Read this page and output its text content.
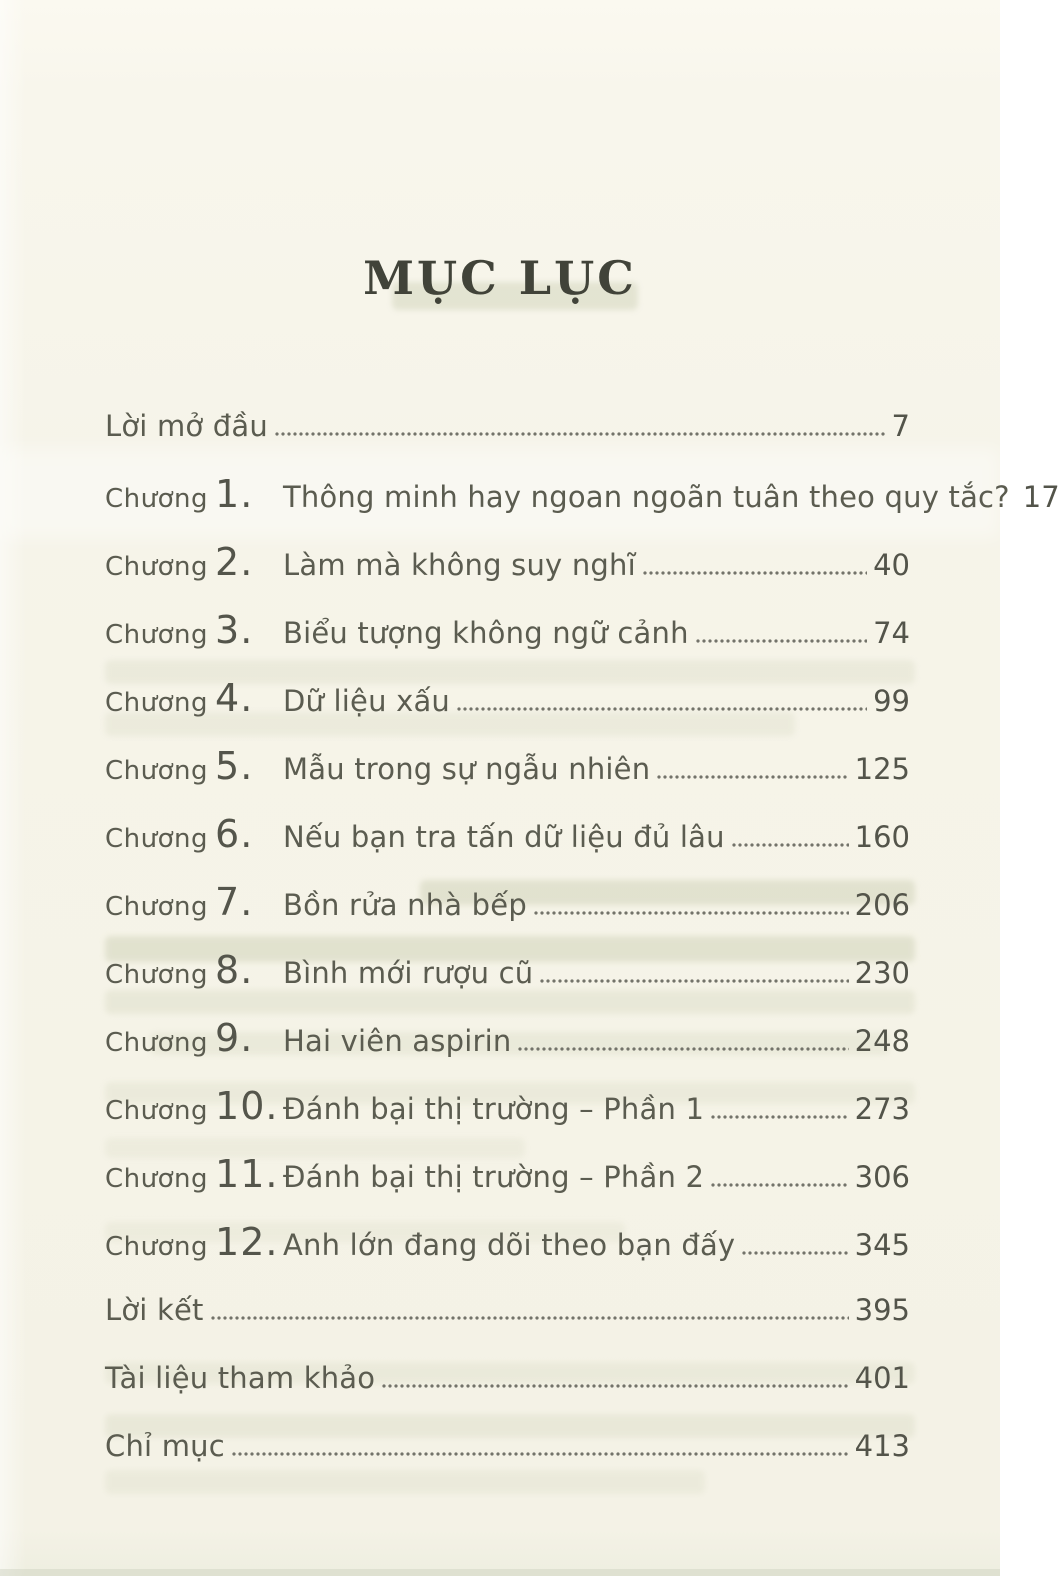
MỤC LỤC
​ Lời mở đầu	7
​ Chương 1.	Thông minh hay ngoan ngoãn tuân theo quy tắc? 17
​ Chương 2.	Làm mà không suy nghĩ	40
​ Chương 3.	Biểu tượng không ngữ cảnh	74
​ Chương 4.	Dữ liệu xấu	99
​ Chương 5.	Mẫu trong sự ngẫu nhiên	125
​ Chương 6.	Nếu bạn tra tấn dữ liệu đủ lâu	160
​ Chương 7.	Bồn rửa nhà bếp	206
​ Chương 8.	Bình mới rượu cũ	230
​ Chương 9.	Hai viên aspirin	248
​ Chương 10. Đánh bại thị trường – Phần 1	273
​ Chương 11. Đánh bại thị trường – Phần 2	306
​ Chương 12. Anh lớn đang dõi theo bạn đấy	345
​ Lời kết	395
​ Tài liệu tham khảo	401
​ Chỉ mục	413
